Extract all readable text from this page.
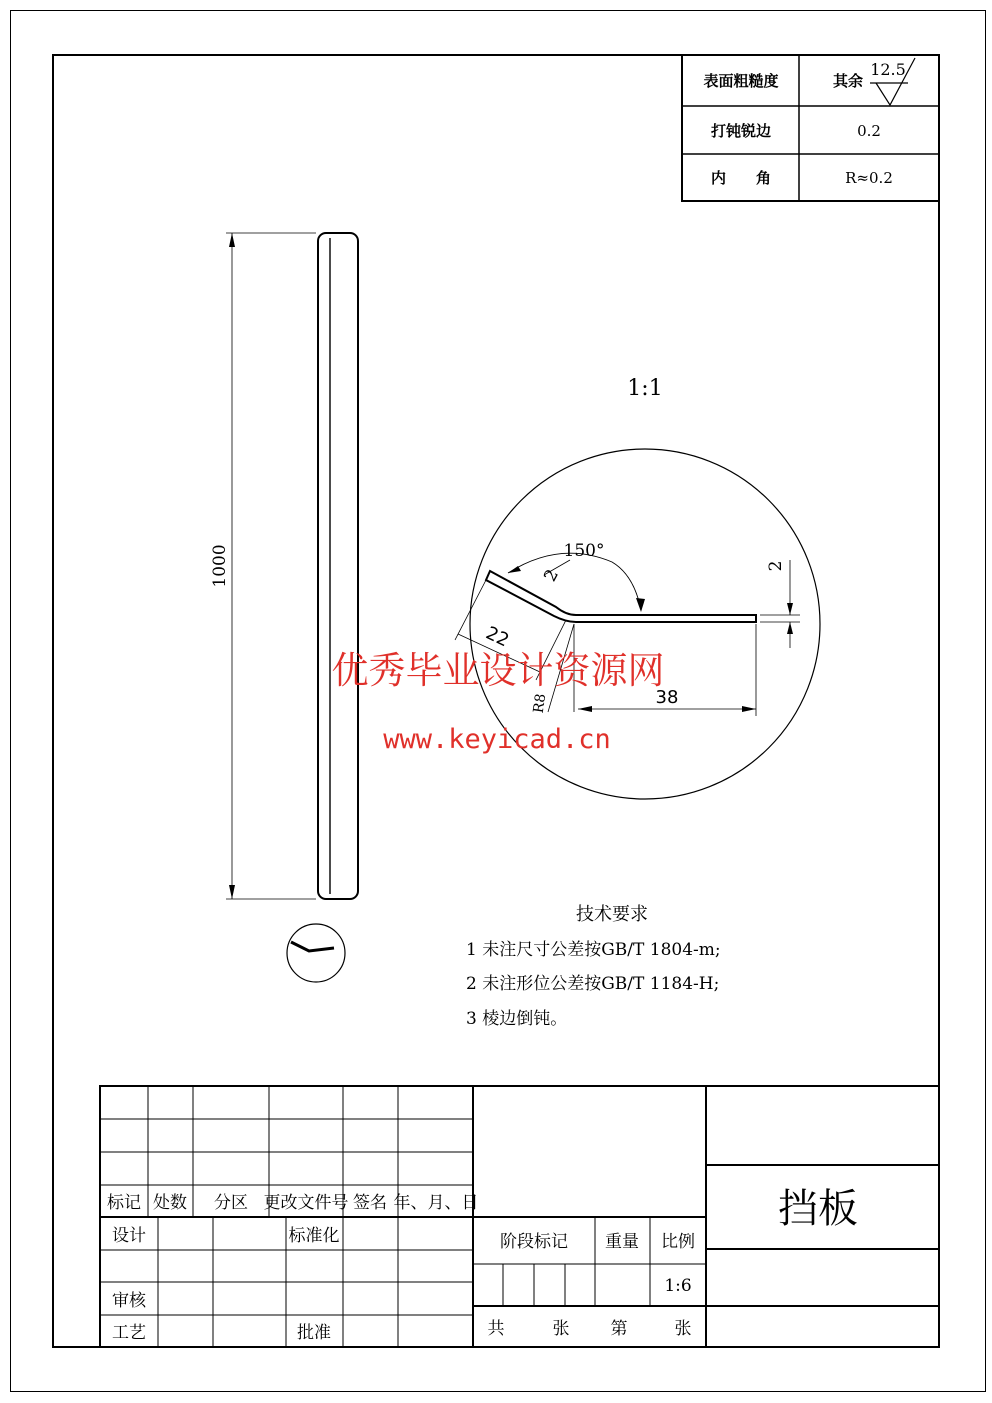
表面粗糙度	其余
12.5
打钝锐边	0.2
内　　角	R≈0.2
1000
1:1
150°
2
2
22
R8	38
优秀毕业设计资源网
www.keyicad.cn
技术要求
1 未注尺寸公差按GB/T 1804-m;
2 未注形位公差按GB/T 1184-H;
3 棱边倒钝。
标记 处数 分区 更改文件号 签名 年、月、日
设计	标准化
审核
工艺	批准
阶段标记 重量 比例
1:6
共	张 第	张
挡板
